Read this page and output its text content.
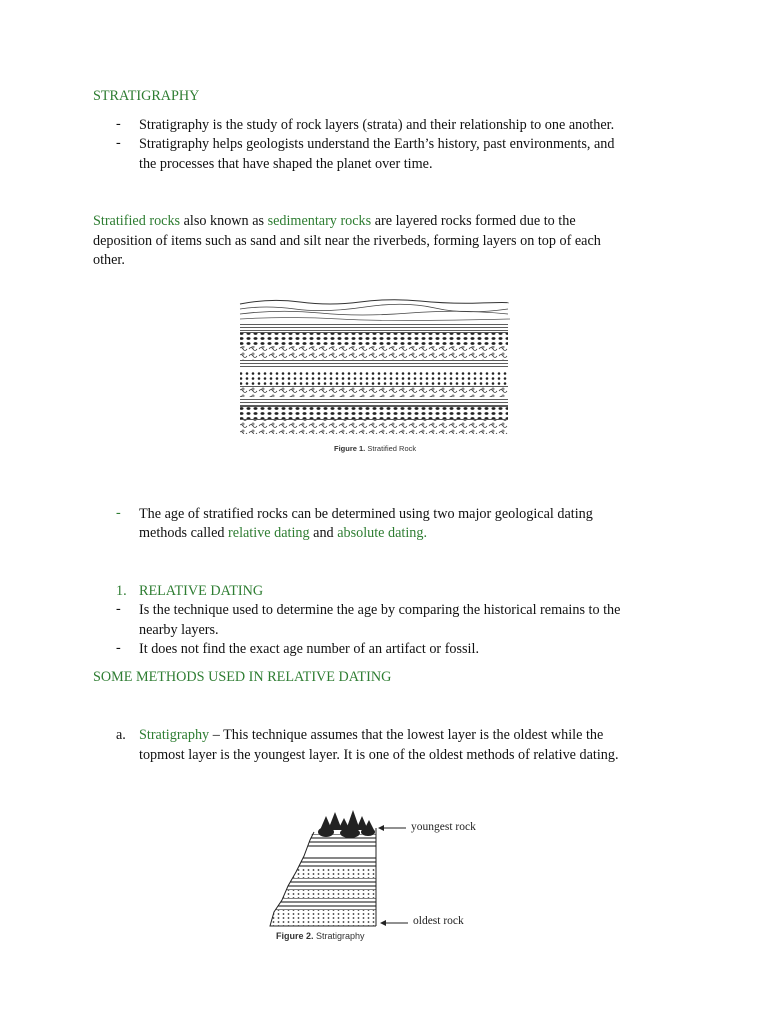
STRATIGRAPHY
- Stratigraphy is the study of rock layers (strata) and their relationship to one another.
- Stratigraphy helps geologists understand the Earth’s history, past environments, and
the processes that have shaped the planet over time.
Stratified rocks also known as sedimentary rocks are layered rocks formed due to the
deposition of items such as sand and silt near the riverbeds, forming layers on top of each
other.
Figure 1. Stratified Rock
- The age of stratified rocks can be determined using two major geological dating
methods called relative dating and absolute dating.
1. RELATIVE DATING
- Is the technique used to determine the age by comparing the historical remains to the
nearby layers.
- It does not find the exact age number of an artifact or fossil.
SOME METHODS USED IN RELATIVE DATING
a. Stratigraphy – This technique assumes that the lowest layer is the oldest while the
topmost layer is the youngest layer. It is one of the oldest methods of relative dating.
youngest rock
oldest rock
Figure 2. Stratigraphy
